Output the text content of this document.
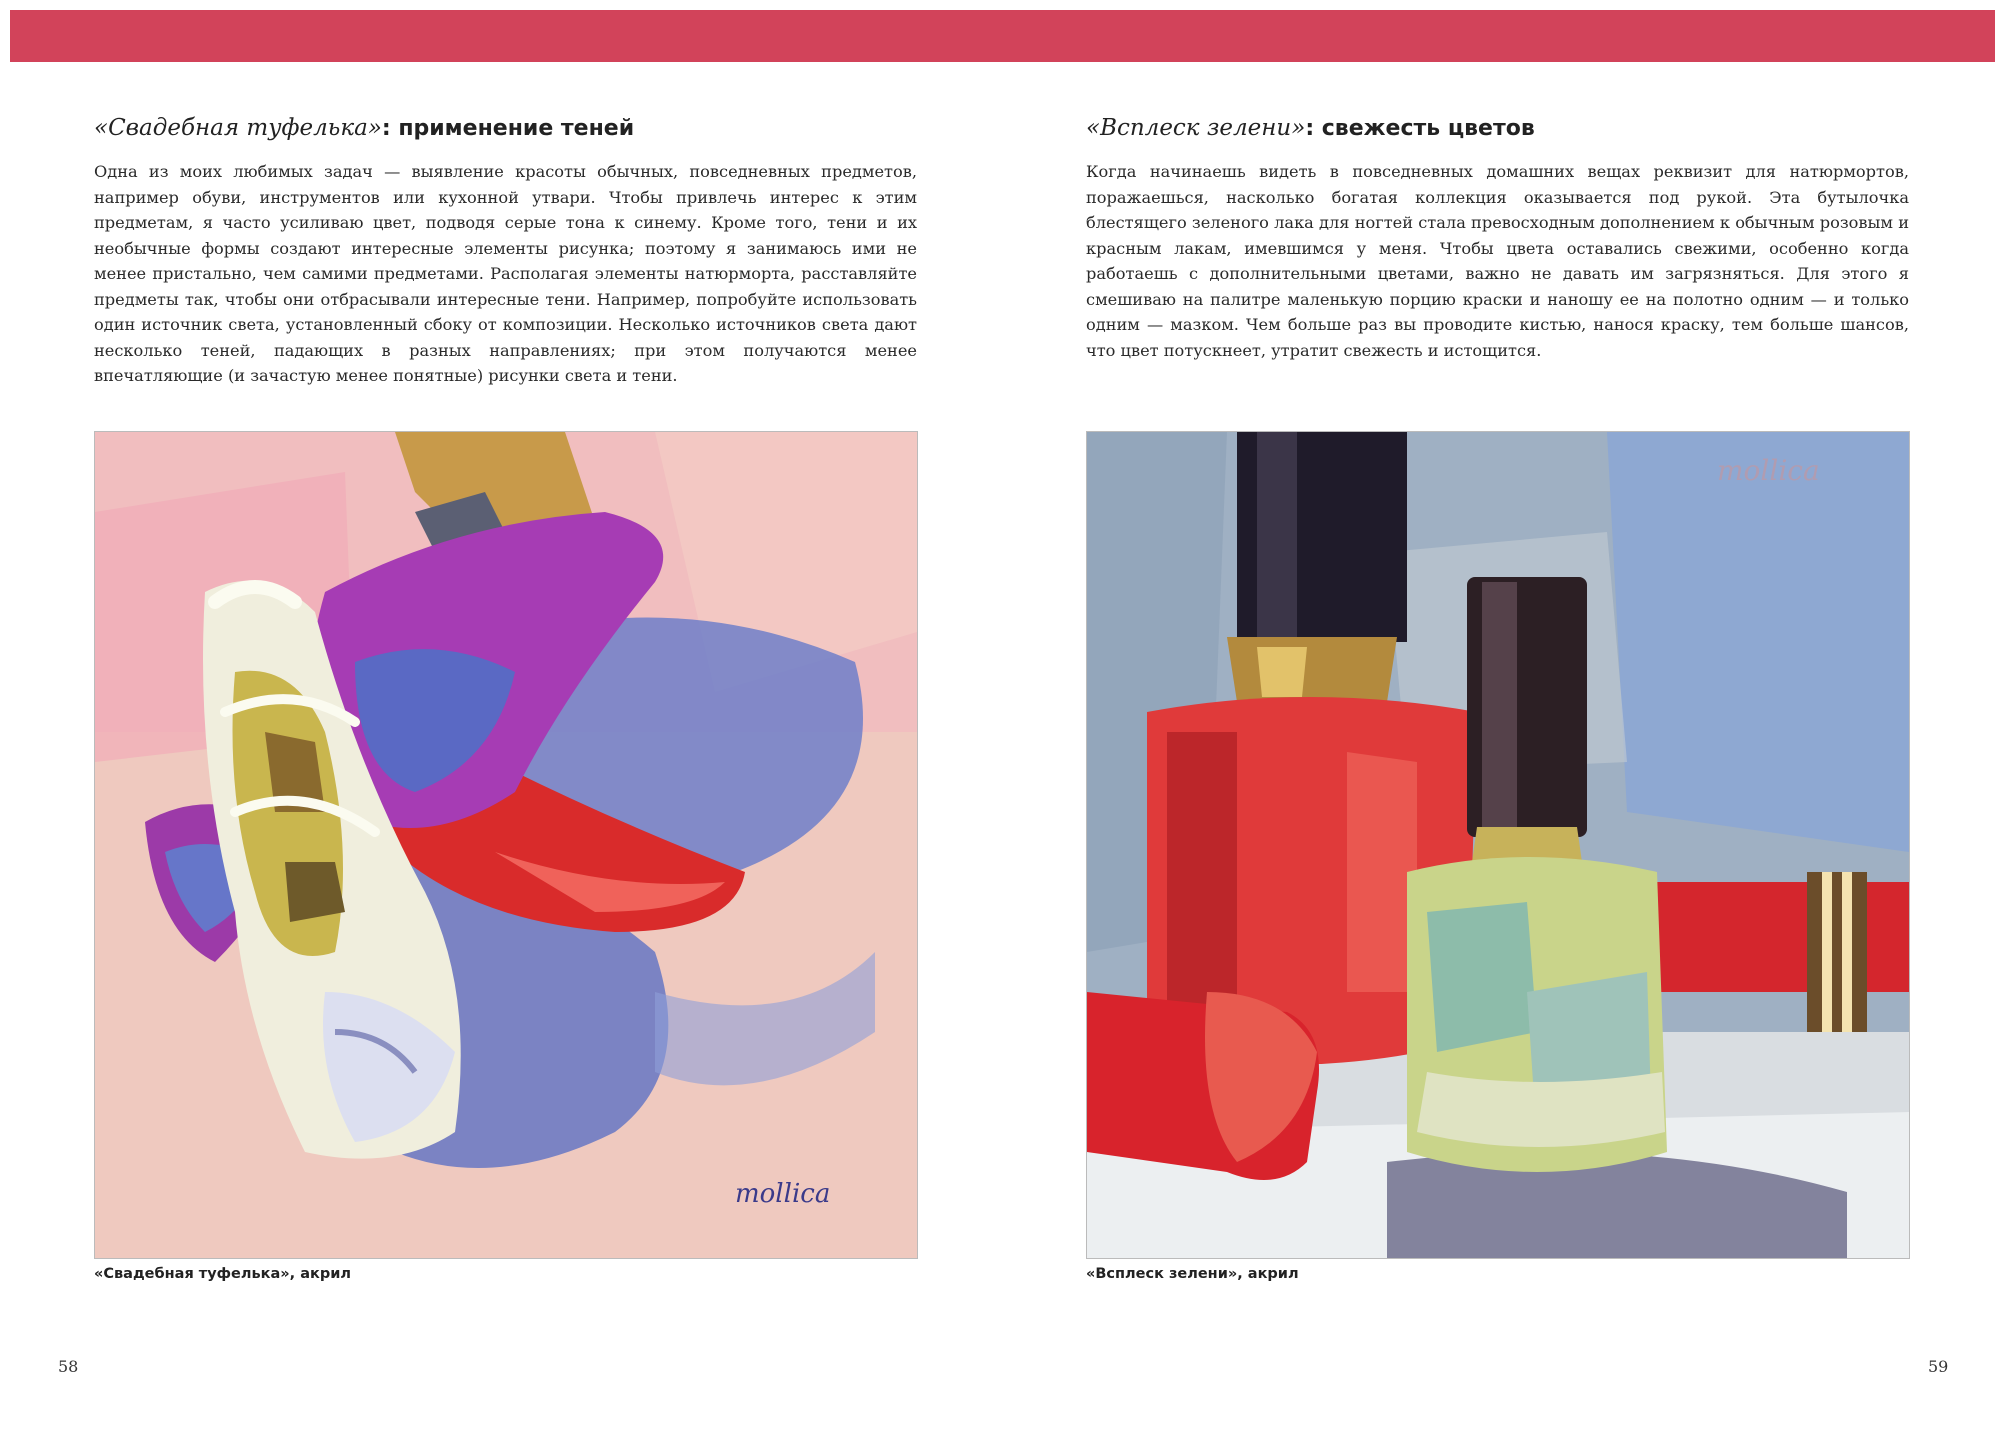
«Свадебная туфелька»: применение теней

Одна из моих любимых задач — выявление красоты обычных, повседневных предметов, например обуви, инструментов или кухонной утвари. Чтобы привлечь интерес к этим предметам, я часто усиливаю цвет, подводя серые тона к синему. Кроме того, тени и их необычные формы создают интересные элементы рисунка; поэтому я занимаюсь ими не менее пристально, чем самими предметами. Располагая элементы натюрморта, расставляйте предметы так, чтобы они отбрасывали интересные тени. Например, попробуйте использовать один источник света, установленный сбоку от композиции. Несколько источников света дают несколько теней, падающих в разных направлениях; при этом получаются менее впечатляющие (и зачастую менее понятные) рисунки света и тени.

mollica
«Свадебная туфелька», акрил
58
«Всплеск зелени»: свежесть цветов

Когда начинаешь видеть в повседневных домашних вещах реквизит для натюрмортов, поражаешься, насколько богатая коллекция оказывается под рукой. Эта бутылочка блестящего зеленого лака для ногтей стала превосходным дополнением к обычным розовым и красным лакам, имевшимся у меня. Чтобы цвета оставались свежими, особенно когда работаешь с дополнительными цветами, важно не давать им загрязняться. Для этого я смешиваю на палитре маленькую порцию краски и наношу ее на полотно одним — и только одним — мазком. Чем больше раз вы проводите кистью, нанося краску, тем больше шансов, что цвет потускнеет, утратит свежесть и истощится.

mollica
«Всплеск зелени», акрил
59
